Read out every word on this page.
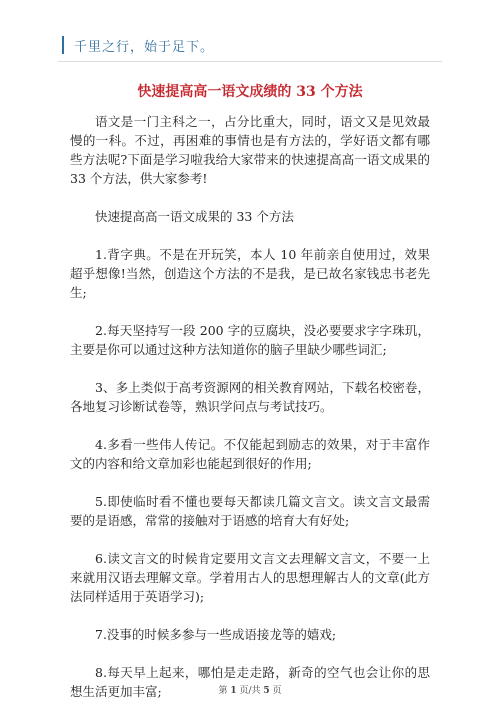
千里之行，始于足下。
快速提高高一语文成绩的 33 个方法

语文是一门主科之一，占分比重大，同时，语文又是见效最慢的一科。不过，再困难的事情也是有方法的，学好语文都有哪些方法呢?下面是学习啦我给大家带来的快速提高高一语文成果的 33 个方法，供大家参考!

快速提高高一语文成果的 33 个方法

1.背字典。不是在开玩笑，本人 10 年前亲自使用过，效果超乎想像!当然，创造这个方法的不是我，是已故名家钱忠书老先生;

2.每天坚持写一段 200 字的豆腐块，没必要要求字字珠玑，主要是你可以通过这种方法知道你的脑子里缺少哪些词汇;

3、多上类似于高考资源网的相关教育网站，下载名校密卷，各地复习诊断试卷等，熟识学问点与考试技巧。

4.多看一些伟人传记。不仅能起到励志的效果，对于丰富作文的内容和给文章加彩也能起到很好的作用;

5.即使临时看不懂也要每天都读几篇文言文。读文言文最需要的是语感，常常的接触对于语感的培育大有好处;

6.读文言文的时候肯定要用文言文去理解文言文，不要一上来就用汉语去理解文章。学着用古人的思想理解古人的文章(此方法同样适用于英语学习);

7.没事的时候多参与一些成语接龙等的嬉戏;

8.每天早上起来，哪怕是走走路，新奇的空气也会让你的思想生活更加丰富;	第 1 页/共 5 页
